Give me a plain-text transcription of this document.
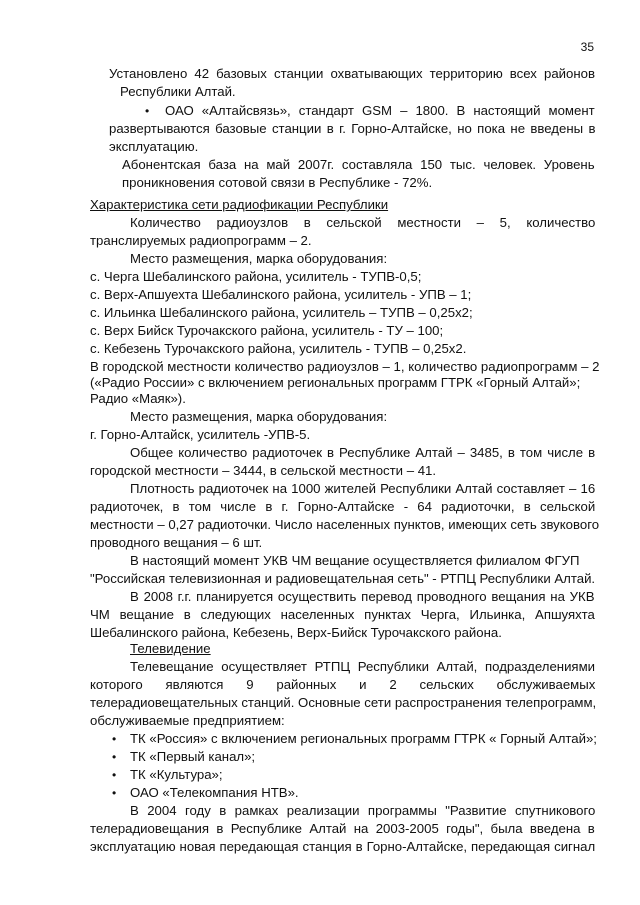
35
Установлено 42 базовых станции охватывающих территорию всех районов
Республики Алтай.
• ОАО «Алтайсвязь», стандарт GSM – 1800. В настоящий момент
развертываются базовые станции в г. Горно-Алтайске, но пока не введены в
эксплуатацию.
Абонентская база на май 2007г. составляла 150 тыс. человек. Уровень
проникновения сотовой связи в Республике - 72%.
Характеристика сети радиофикации Республики
Количество радиоузлов в сельской местности – 5, количество
транслируемых радиопрограмм – 2.
Место размещения, марка оборудования:
с. Черга Шебалинского района, усилитель - ТУПВ-0,5;
с. Верх-Апшуехта Шебалинского района, усилитель - УПВ – 1;
с. Ильинка Шебалинского района, усилитель – ТУПВ – 0,25х2;
с. Верх Бийск Турочакского района, усилитель - ТУ – 100;
с. Кебезень Турочакского района, усилитель - ТУПВ – 0,25х2.
В городской местности количество радиоузлов – 1, количество радиопрограмм – 2
(«Радио России» с включением региональных программ ГТРК «Горный Алтай»;
Радио «Маяк»).
Место размещения, марка оборудования:
г. Горно-Алтайск, усилитель -УПВ-5.
Общее количество радиоточек в Республике Алтай – 3485, в том числе в
городской местности – 3444, в сельской местности – 41.
Плотность радиоточек на 1000 жителей Республики Алтай составляет – 16
радиоточек, в том числе в г. Горно-Алтайске - 64 радиоточки, в сельской
местности – 0,27 радиоточки. Число населенных пунктов, имеющих сеть звукового
проводного вещания – 6 шт.
В настоящий момент УКВ ЧМ вещание осуществляется филиалом ФГУП
"Российская телевизионная и радиовещательная сеть" - РТПЦ Республики Алтай.
В 2008 г.г. планируется осуществить перевод проводного вещания на УКВ
ЧМ вещание в следующих населенных пунктах Черга, Ильинка, Апшуяхта
Шебалинского района, Кебезень, Верх-Бийск Турочакского района.
Телевидение
Телевещание осуществляет РТПЦ Республики Алтай, подразделениями
которого являются 9 районных и 2 сельских обслуживаемых
телерадиовещательных станций. Основные сети распространения телепрограмм,
обслуживаемые предприятием:
• ТК «Россия» с включением региональных программ ГТРК « Горный Алтай»;
• ТК «Первый канал»;
• ТК «Культура»;
• ОАО «Телекомпания НТВ».
В 2004 году в рамках реализации программы "Развитие спутникового
телерадиовещания в Республике Алтай на 2003-2005 годы", была введена в
эксплуатацию новая передающая станция в Горно-Алтайске, передающая сигнал
